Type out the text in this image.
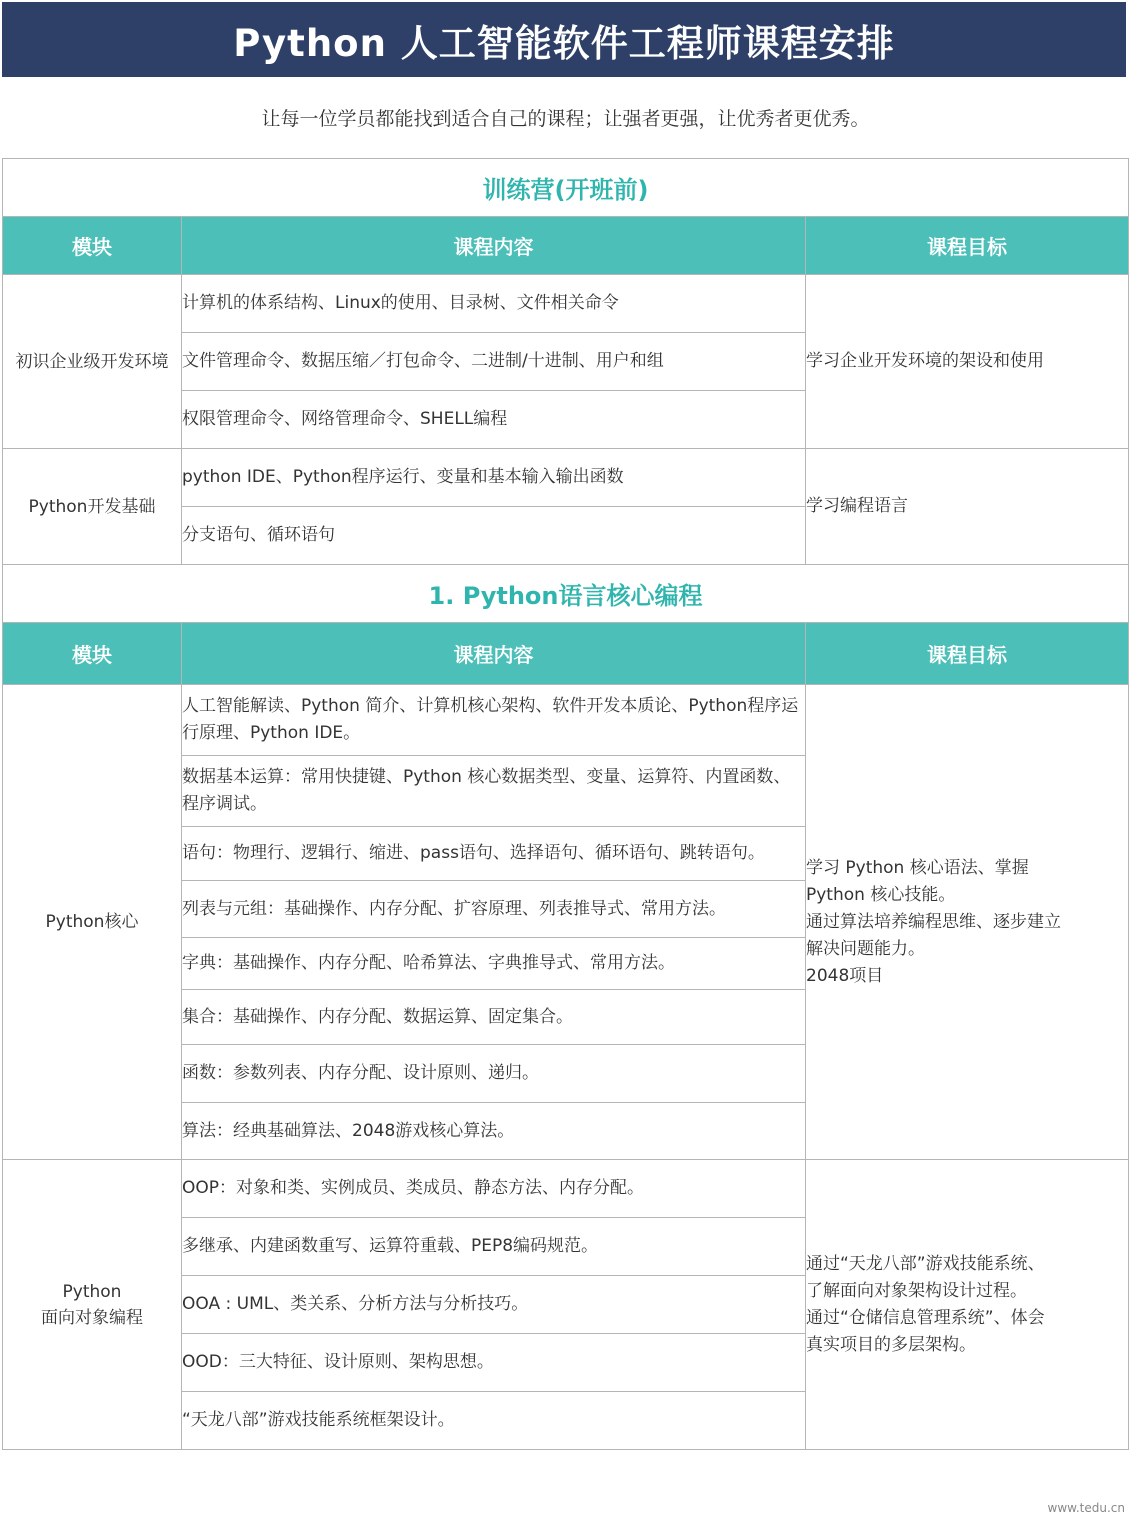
Python 人工智能软件工程师课程安排
让每一位学员都能找到适合自己的课程；让强者更强，让优秀者更优秀。
训练营(开班前)		
模块	课程内容	课程目标
初识企业级开发环境	计算机的体系结构、Linux的使用、目录树、文件相关命令	学习企业开发环境的架设和使用

	文件管理命令、数据压缩／打包命令、二进制/十进制、用户和组	
	权限管理命令、网络管理命令、SHELL编程	
Python开发基础	python IDE、Python程序运行、变量和基本输入输出函数	学习编程语言

	分支语句、循环语句	
1. Python语言核心编程		
模块	课程内容	课程目标
Python核心	人工智能解读、Python 简介、计算机核心架构、软件开发本质论、Python程序运行原理、Python IDE。	学习 Python 核心语法、掌握
Python 核心技能。
通过算法培养编程思维、逐步建立
解决问题能力。
2048项目

	数据基本运算：常用快捷键、Python 核心数据类型、变量、运算符、内置函数、程序调试。	
	语句：物理行、逻辑行、缩进、pass语句、选择语句、循环语句、跳转语句。	
	列表与元组：基础操作、内存分配、扩容原理、列表推导式、常用方法。	
	字典：基础操作、内存分配、哈希算法、字典推导式、常用方法。	
	集合：基础操作、内存分配、数据运算、固定集合。	
	函数：参数列表、内存分配、设计原则、递归。	
	算法：经典基础算法、2048游戏核心算法。	

Python
面向对象编程	OOP：对象和类、实例成员、类成员、静态方法、内存分配。	通过“天龙八部”游戏技能系统、
了解面向对象架构设计过程。
通过“仓储信息管理系统”、体会
真实项目的多层架构。

	多继承、内建函数重写、运算符重载、PEP8编码规范。	
	OOA : UML、类关系、分析方法与分析技巧。	
	OOD：三大特征、设计原则、架构思想。	
	“天龙八部”游戏技能系统框架设计。	
www.tedu.cn
